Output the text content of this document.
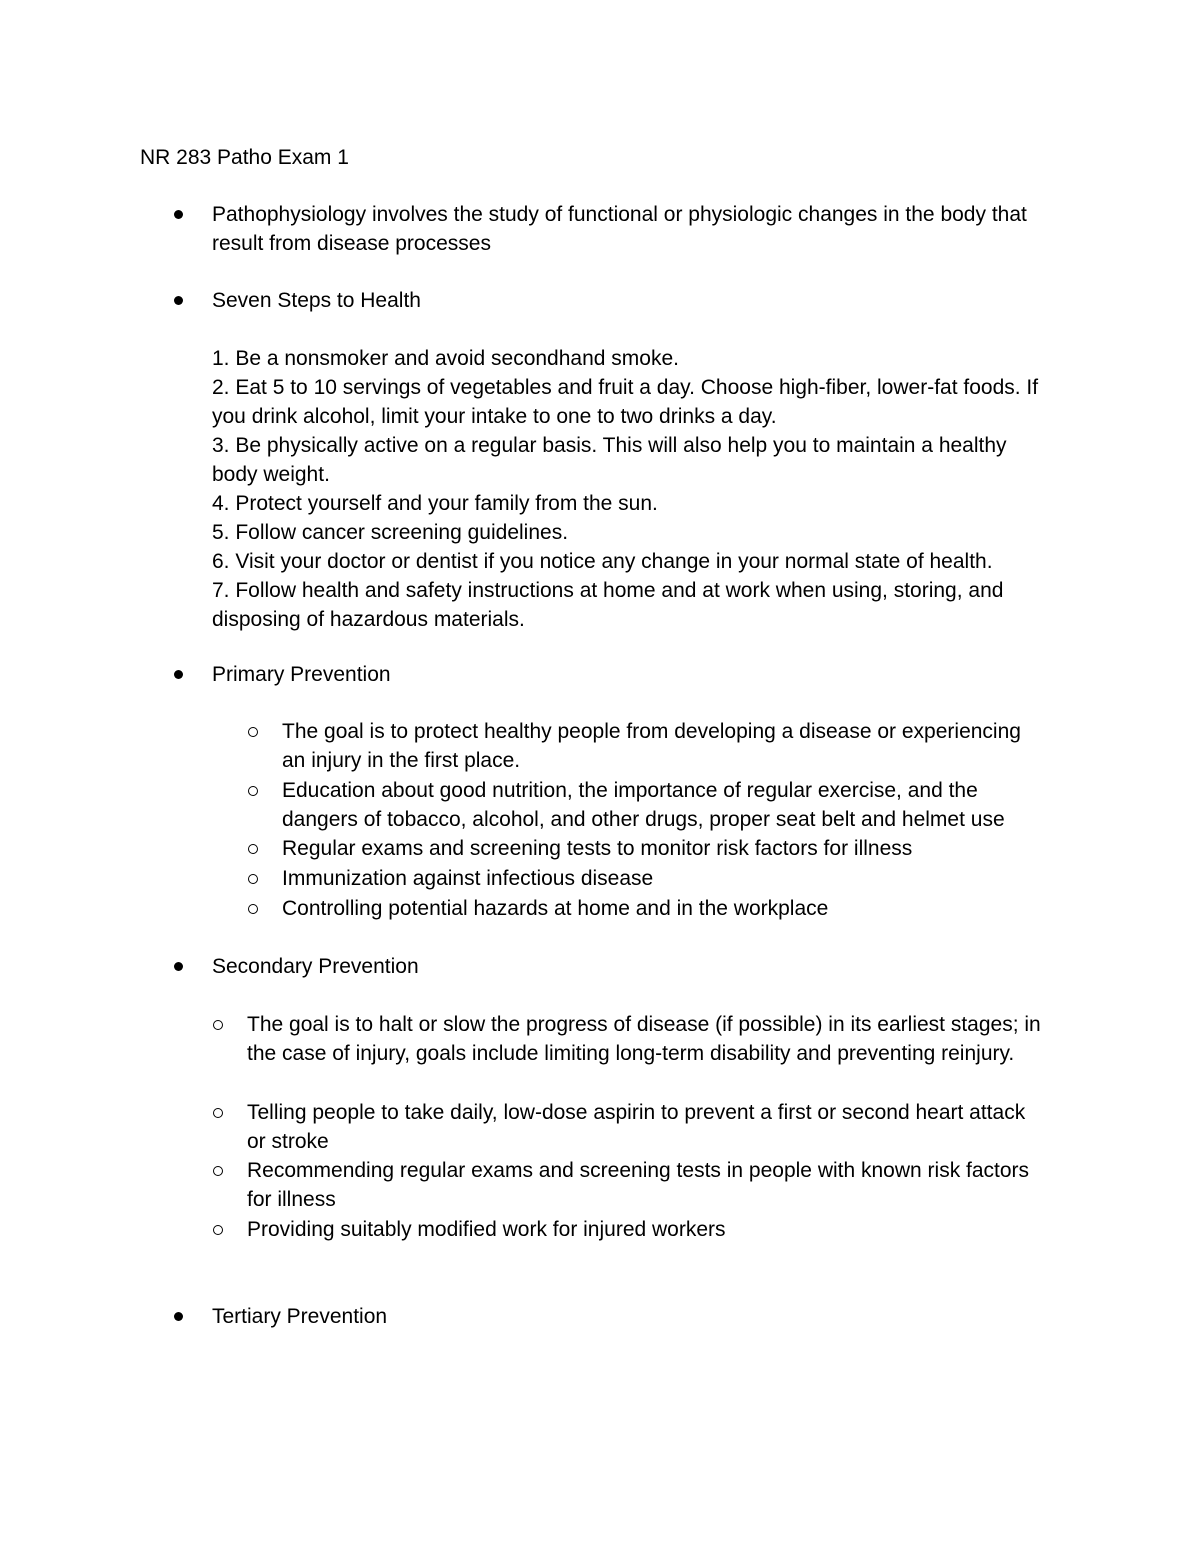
NR 283 Patho Exam 1
Pathophysiology involves the study of functional or physiologic changes in the body that
result from disease processes
Seven Steps to Health
1. Be a nonsmoker and avoid secondhand smoke.
2. Eat 5 to 10 servings of vegetables and fruit a day. Choose high-fiber, lower-fat foods. If
you drink alcohol, limit your intake to one to two drinks a day.
3. Be physically active on a regular basis. This will also help you to maintain a healthy
body weight.
4. Protect yourself and your family from the sun.
5. Follow cancer screening guidelines.
6. Visit your doctor or dentist if you notice any change in your normal state of health.
7. Follow health and safety instructions at home and at work when using, storing, and
disposing of hazardous materials.
Primary Prevention
The goal is to protect healthy people from developing a disease or experiencing
an injury in the first place.
Education about good nutrition, the importance of regular exercise, and the
dangers of tobacco, alcohol, and other drugs, proper seat belt and helmet use
Regular exams and screening tests to monitor risk factors for illness
Immunization against infectious disease
Controlling potential hazards at home and in the workplace
Secondary Prevention
The goal is to halt or slow the progress of disease (if possible) in its earliest stages; in
the case of injury, goals include limiting long-term disability and preventing reinjury.
Telling people to take daily, low-dose aspirin to prevent a first or second heart attack
or stroke
Recommending regular exams and screening tests in people with known risk factors
for illness
Providing suitably modified work for injured workers
Tertiary Prevention
